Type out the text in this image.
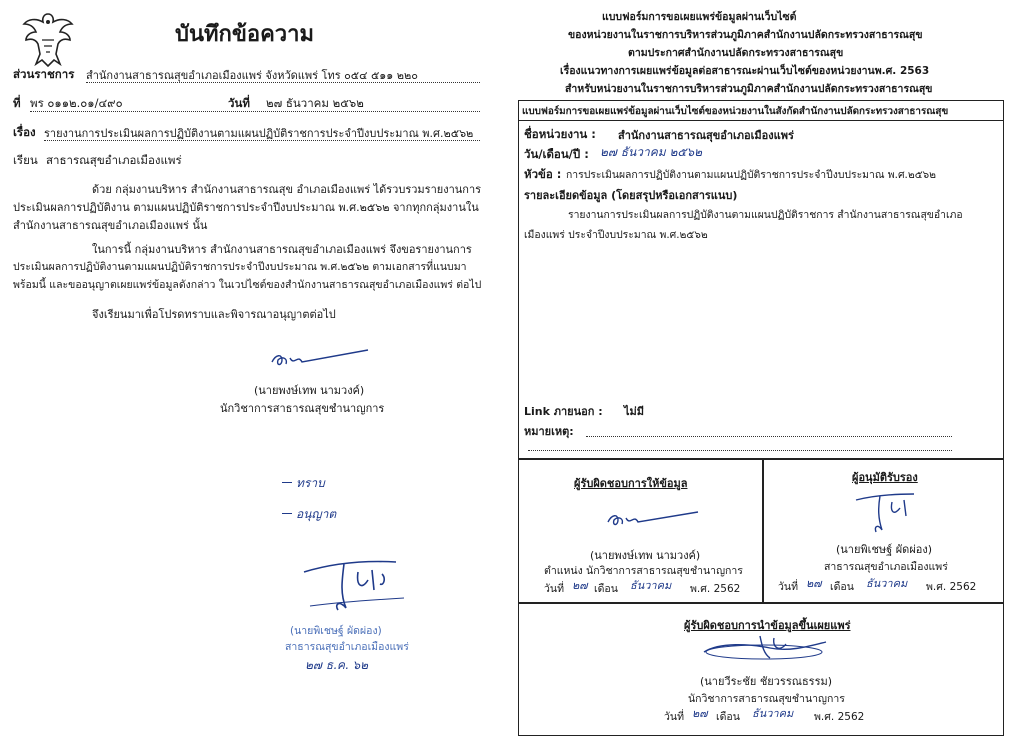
บันทึกข้อความ
ส่วนราชการ สำนักงานสาธารณสุขอำเภอเมืองแพร่ จังหวัดแพร่ โทร ๐๕๔ ๕๑๑ ๒๒๐
ที่ พร ๐๑๑๒.๐๑/๔๙๐	วันที่ ๒๗ ธันวาคม ๒๕๖๒
เรื่อง รายงานการประเมินผลการปฏิบัติงานตามแผนปฏิบัติราชการประจำปีงบประมาณ พ.ศ.๒๕๖๒
เรียน สาธารณสุขอำเภอเมืองแพร่
ด้วย กลุ่มงานบริหาร สำนักงานสาธารณสุข อำเภอเมืองแพร่ ได้รวบรวมรายงานการ
ประเมินผลการปฏิบัติงาน ตามแผนปฏิบัติราชการประจำปีงบประมาณ พ.ศ.๒๕๖๒ จากทุกกลุ่มงานใน
สำนักงานสาธารณสุขอำเภอเมืองแพร่ นั้น
ในการนี้ กลุ่มงานบริหาร สำนักงานสาธารณสุขอำเภอเมืองแพร่ จึงขอรายงานการ
ประเมินผลการปฏิบัติงานตามแผนปฏิบัติราชการประจำปีงบประมาณ พ.ศ.๒๕๖๒ ตามเอกสารที่แนบมา
พร้อมนี้ และขออนุญาตเผยแพร่ข้อมูลดังกล่าว ในเวปไซต์ของสำนักงานสาธารณสุขอำเภอเมืองแพร่ ต่อไป
จึงเรียนมาเพื่อโปรดทราบและพิจารณาอนุญาตต่อไป
(นายพงษ์เทพ นามวงค์)
นักวิชาการสาธารณสุขชำนาญการ
ทราบ
อนุญาต
(นายพิเชษฐ์ ผัดผ่อง)
สาธารณสุขอำเภอเมืองแพร่
๒๗ ธ.ค. ๖๒
แบบฟอร์มการขอเผยแพร่ข้อมูลผ่านเว็บไซต์
ของหน่วยงานในราชการบริหารส่วนภูมิภาคสำนักงานปลัดกระทรวงสาธารณสุข
ตามประกาศสำนักงานปลัดกระทรวงสาธารณสุข
เรื่องแนวทางการเผยแพร่ข้อมูลต่อสาธารณะผ่านเว็บไซต์ของหน่วยงานพ.ศ. 2563
สำหรับหน่วยงานในราชการบริหารส่วนภูมิภาคสำนักงานปลัดกระทรวงสาธารณสุข
แบบฟอร์มการขอเผยแพร่ข้อมูลผ่านเว็บไซต์ของหน่วยงานในสังกัดสำนักงานปลัดกระทรวงสาธารณสุข
ชื่อหน่วยงาน : สำนักงานสาธารณสุขอำเภอเมืองแพร่
วัน/เดือน/ปี : ๒๗ ธันวาคม ๒๕๖๒
หัวข้อ : การประเมินผลการปฏิบัติงานตามแผนปฏิบัติราชการประจำปีงบประมาณ พ.ศ.๒๕๖๒
รายละเอียดข้อมูล (โดยสรุปหรือเอกสารแนบ)
รายงานการประเมินผลการปฏิบัติงานตามแผนปฏิบัติราชการ สำนักงานสาธารณสุขอำเภอ
เมืองแพร่ ประจำปีงบประมาณ พ.ศ.๒๕๖๒
Link ภายนอก : ไม่มี
หมายเหตุ:
ผู้รับผิดชอบการให้ข้อมูล
(นายพงษ์เทพ นามวงค์)
ตำแหน่ง นักวิชาการสาธารณสุขชำนาญการ
วันที่ ๒๗ เดือน ธันวาคม พ.ศ. 2562
ผู้อนุมัติรับรอง
(นายพิเชษฐ์ ผัดผ่อง)
สาธารณสุขอำเภอเมืองแพร่
วันที่ ๒๗ เดือน ธันวาคม พ.ศ. 2562
ผู้รับผิดชอบการนำข้อมูลขึ้นเผยแพร่
(นายวีระชัย ชัยวรรณธรรม)
นักวิชาการสาธารณสุขชำนาญการ
วันที่ ๒๗ เดือน ธันวาคม พ.ศ. 2562
